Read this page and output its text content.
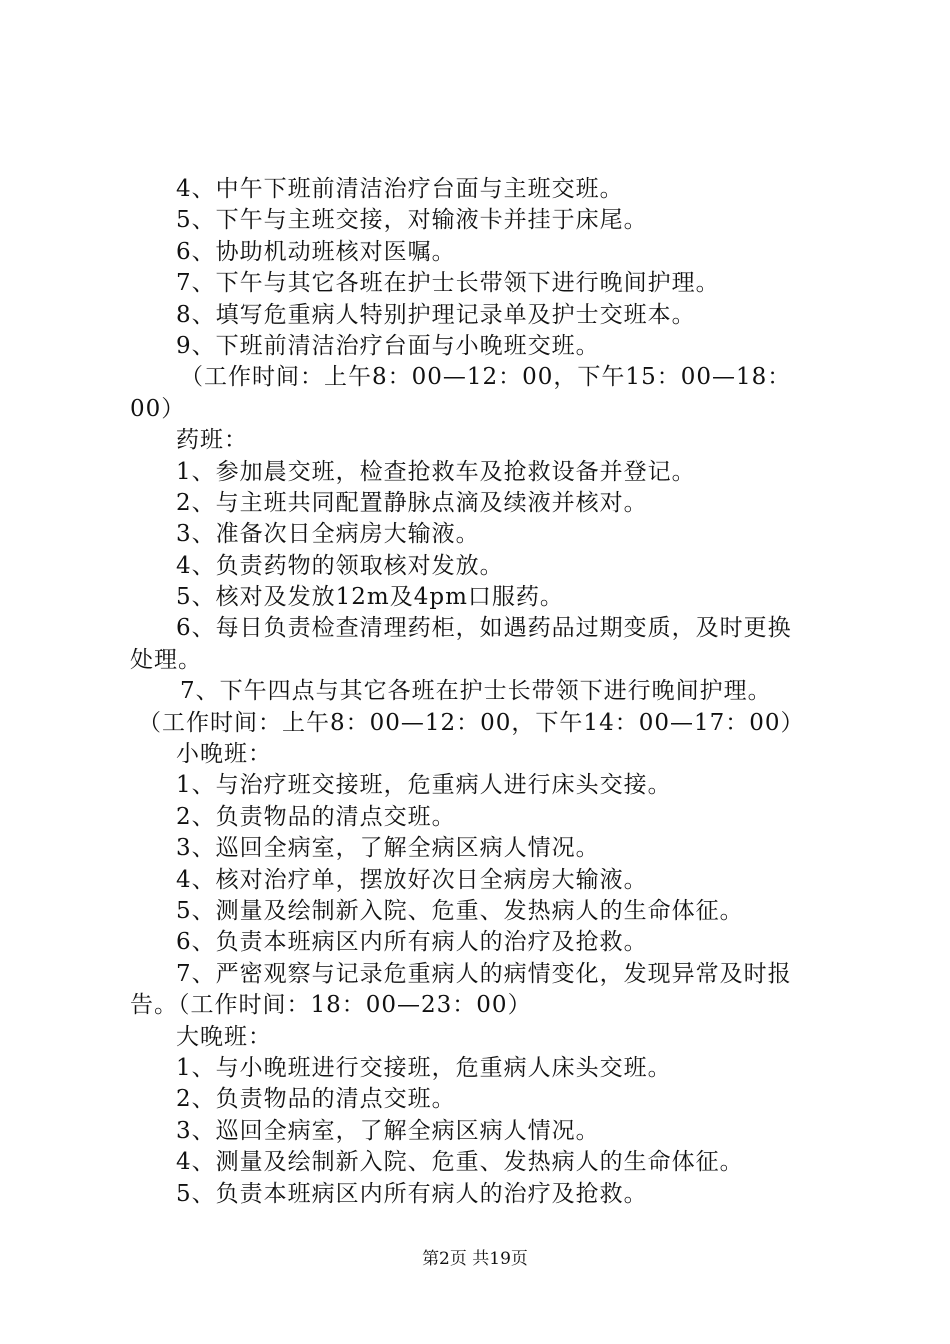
4、中午下班前清洁治疗台面与主班交班。
5、下午与主班交接，对输液卡并挂于床尾。
6、协助机动班核对医嘱。
7、下午与其它各班在护士长带领下进行晚间护理。
8、填写危重病人特别护理记录单及护士交班本。
9、下班前清洁治疗台面与小晚班交班。
（工作时间：上午8：00—12：00，下午15：00—18：
00）
药班：
1、参加晨交班，检查抢救车及抢救设备并登记。
2、与主班共同配置静脉点滴及续液并核对。
3、准备次日全病房大输液。
4、负责药物的领取核对发放。
5、核对及发放12m及4pm口服药。
6、每日负责检查清理药柜，如遇药品过期变质，及时更换
处理。
7、下午四点与其它各班在护士长带领下进行晚间护理。
（工作时间：上午8：00—12：00，下午14：00—17：00）
小晚班：
1、与治疗班交接班，危重病人进行床头交接。
2、负责物品的清点交班。
3、巡回全病室，了解全病区病人情况。
4、核对治疗单，摆放好次日全病房大输液。
5、测量及绘制新入院、危重、发热病人的生命体征。
6、负责本班病区内所有病人的治疗及抢救。
7、严密观察与记录危重病人的病情变化，发现异常及时报
告。（工作时间：18：00—23：00）
大晚班：
1、与小晚班进行交接班，危重病人床头交班。
2、负责物品的清点交班。
3、巡回全病室，了解全病区病人情况。
4、测量及绘制新入院、危重、发热病人的生命体征。
5、负责本班病区内所有病人的治疗及抢救。
第2页 共19页
